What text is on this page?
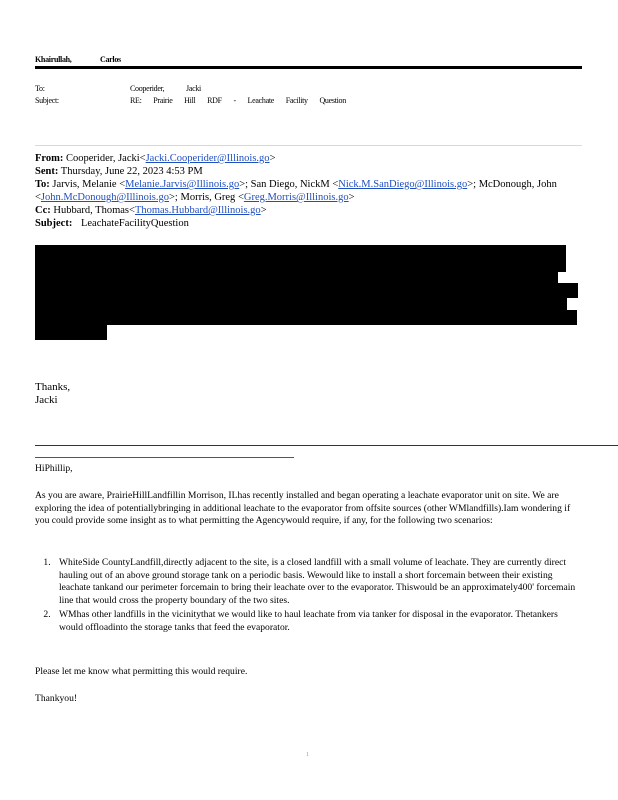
Khairullah,	Carlos
To:	Cooperider,	Jacki
Subject:	RE: Prairie Hill RDF - Leachate Facility Question
From: Cooperider, Jacki<Jacki.Cooperider@Illinois.go>
Sent: Thursday, June 22, 2023 4:53 PM
To: Jarvis, Melanie <Melanie.Jarvis@Illinois.go>; San Diego, NickM <Nick.M.SanDiego@Illinois.go>; McDonough, John
<John.McDonough@Illinois.go>; Morris, Greg <Greg.Morris@Illinois.go>
Cc: Hubbard, Thomas<Thomas.Hubbard@Illinois.go>
Subject: LeachateFacilityQuestion
Thanks,
Jacki
HiPhillip,
As you are aware, PrairieHillLandfillin Morrison, ILhas recently installed and began operating a leachate evaporator unit on site. We are exploring the idea of potentiallybringing in additional leachate to the evaporator from offsite sources (other WMlandfills).Iam wondering if you could provide some insight as to what permitting the Agencywould require, if any, for the following two scenarios:
1. WhiteSide CountyLandfill,directly adjacent to the site, is a closed landfill with a small volume of leachate. They are currently direct hauling out of an above ground storage tank on a periodic basis. Wewould like to install a short forcemain between their existing leachate tankand our perimeter forcemain to bring their leachate over to the evaporator. Thiswould be an approximately400' forcemain line that would cross the property boundary of the two sites.
2. WMhas other landfills in the vicinitythat we would like to haul leachate from via tanker for disposal in the evaporator. Thetankers would offloadinto the storage tanks that feed the evaporator.
Please let me know what permitting this would require.
Thankyou!
1
